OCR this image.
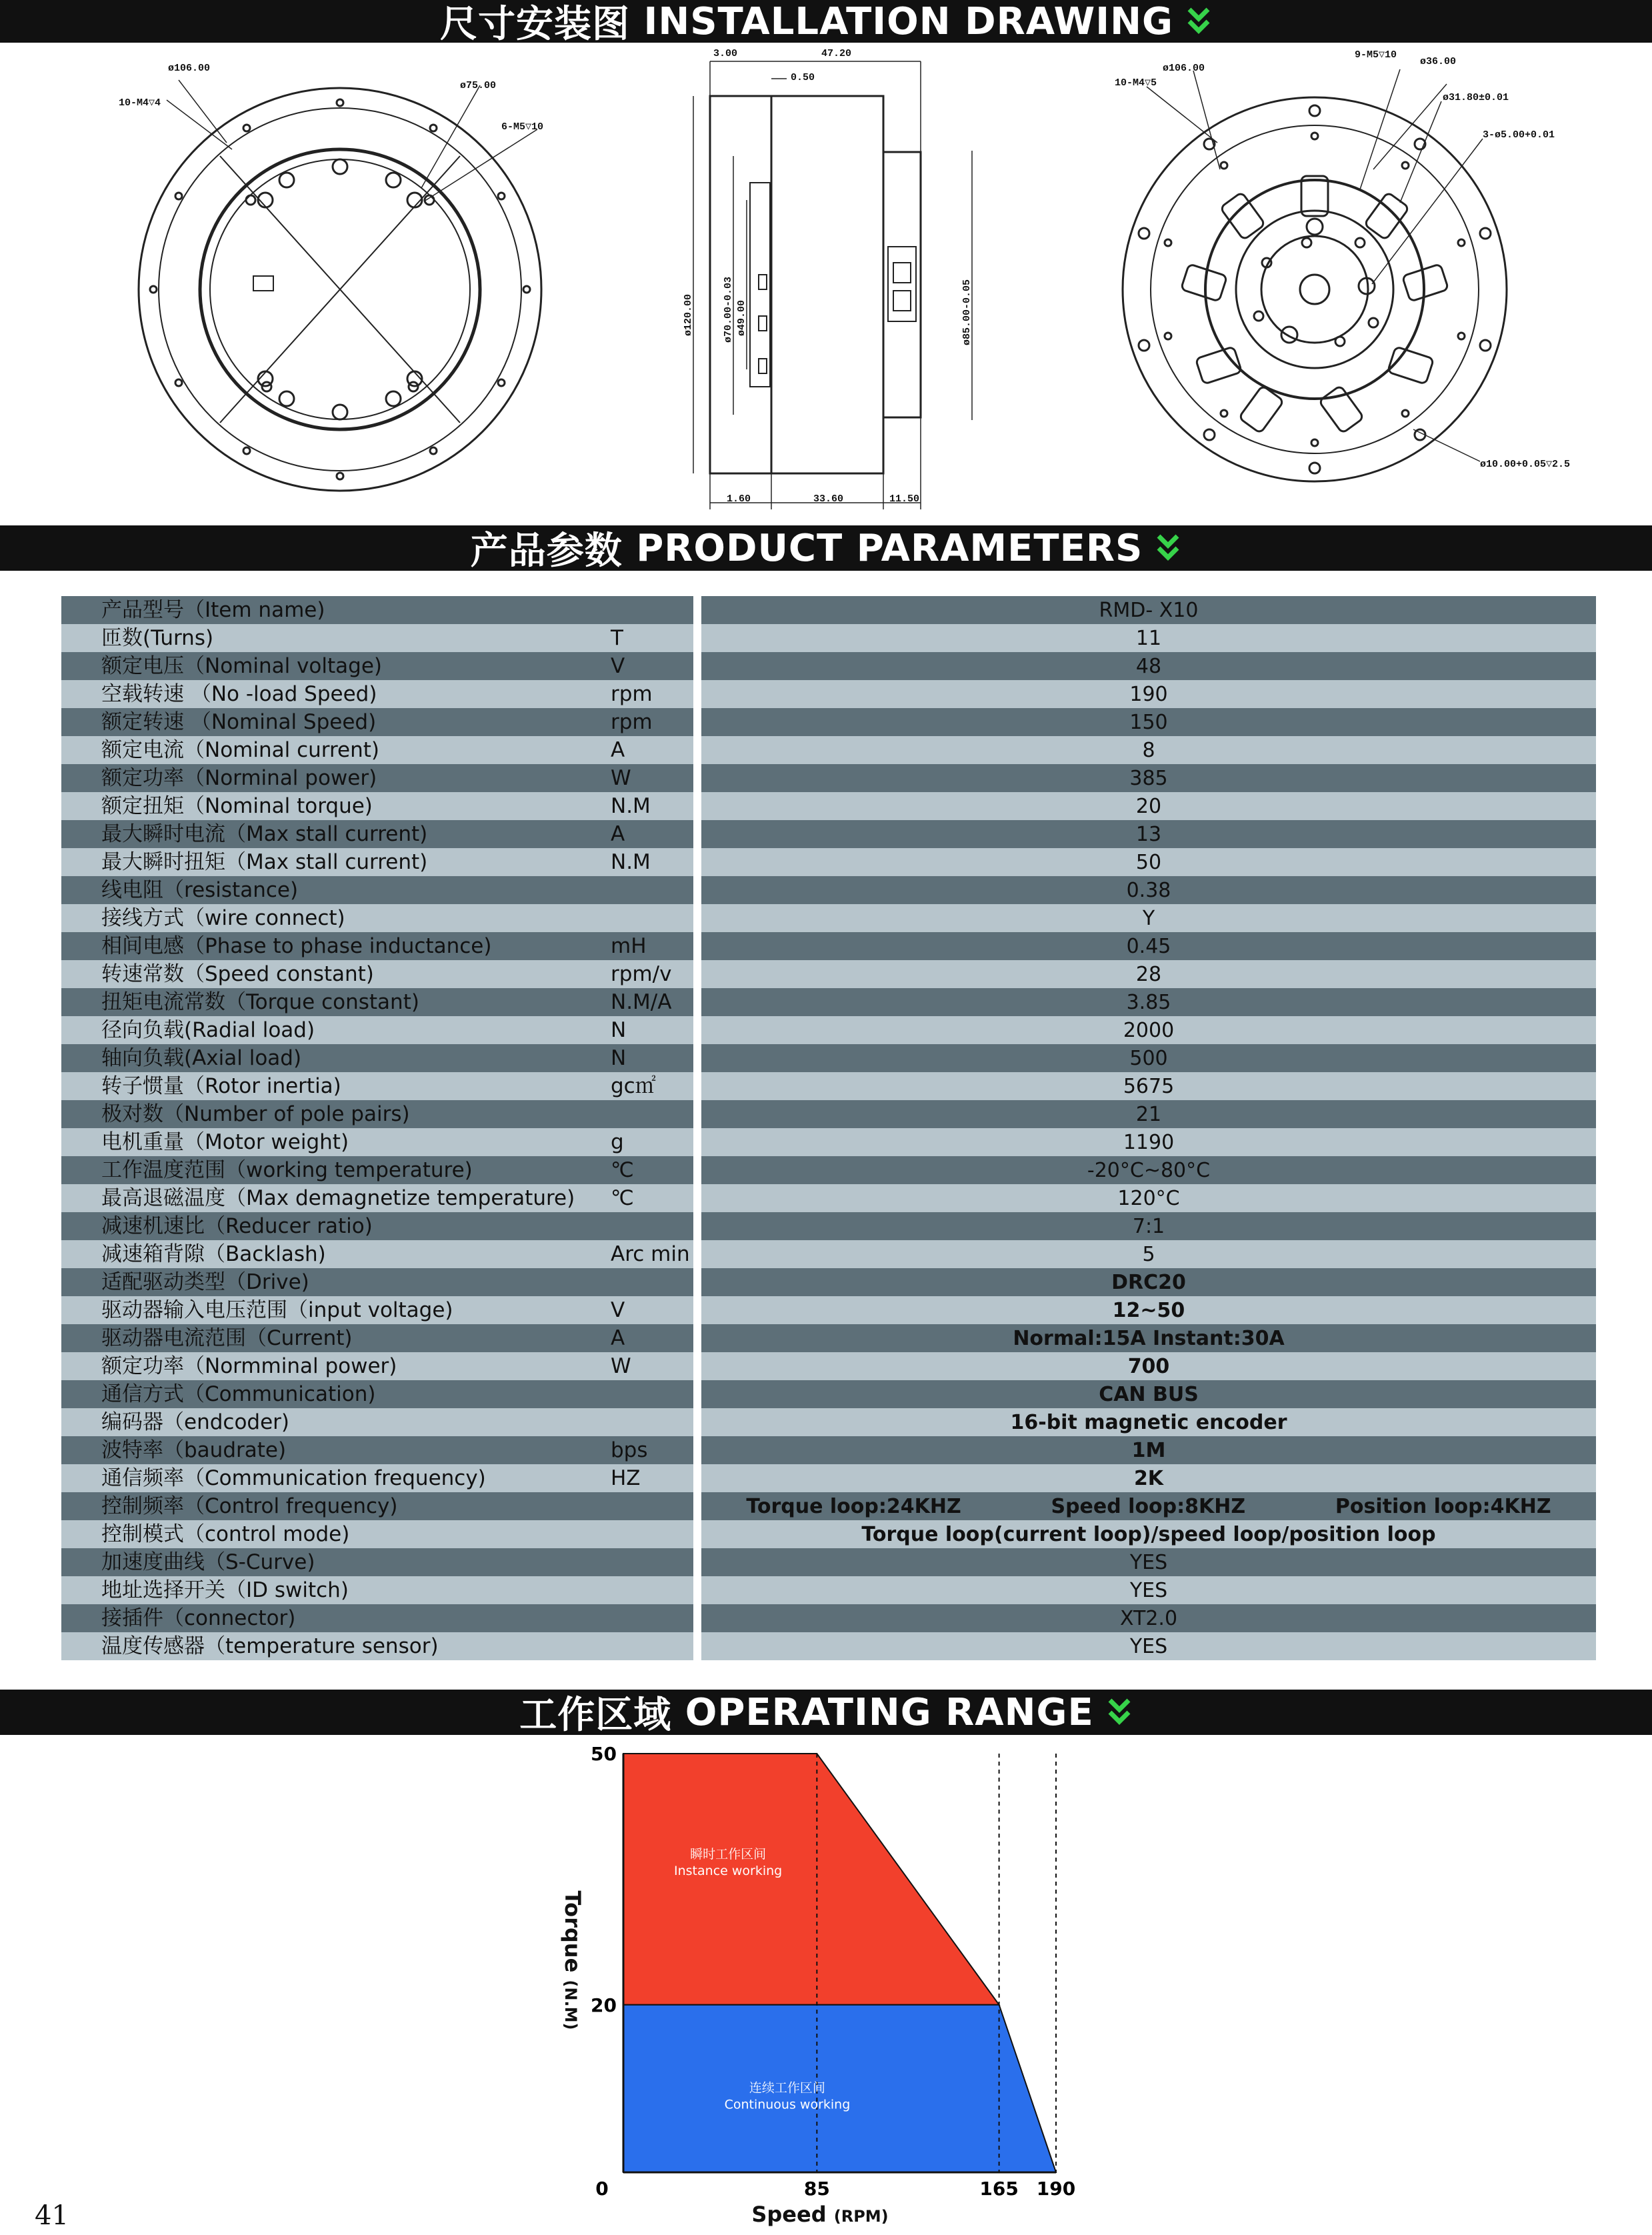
尺寸安装图
INSTALLATION DRAWING
ø106.00
10-M4▽4
ø75.00
6-M5▽10
3.00	47.20
0.50
ø120.00	ø70.00-0.03 ø49.00	ø85.00-0.05
1.60	33.60	11.50
ø106.00
10-M4▽5
9-M5▽10
ø36.00
ø31.80±0.01
3-ø5.00+0.01
ø10.00+0.05▽2.5
产品参数
PRODUCT PARAMETERS
产品型号（Item name)	RMD- X10
匝数(Turns)	T	11
额定电压（Nominal voltage)	V	48
空载转速 （No -load Speed)	rpm	190
额定转速 （Nominal Speed)	rpm	150
额定电流（Nominal current)	A	8
额定功率（Norminal power)	W	385
额定扭矩（Nominal torque)	N.M	20
最大瞬时电流（Max stall current)	A	13
最大瞬时扭矩（Max stall current)	N.M	50
线电阻（resistance)	0.38
接线方式（wire connect)	Y
相间电感（Phase to phase inductance)	mH	0.45
转速常数（Speed constant)	rpm/v	28
扭矩电流常数（Torque constant)	N.M/A	3.85
径向负载(Radial load)	N	2000
轴向负载(Axial load)	N	500
转子惯量（Rotor inertia)	gc㎡	5675
极对数（Number of pole pairs)	21
电机重量（Motor weight)	g	1190
工作温度范围（working temperature)	℃	-20°C~80°C
最高退磁温度（Max demagnetize temperature) ℃	120°C
减速机速比（Reducer ratio)	7:1
减速箱背隙（Backlash)	Arc min	5
适配驱动类型（Drive)	DRC20
驱动器输入电压范围（input voltage)	V	12~50
驱动器电流范围（Current)	A	Normal:15A Instant:30A
额定功率（Normminal power)	W	700
通信方式（Communication)	CAN BUS
编码器（endcoder)	16-bit magnetic encoder
波特率（baudrate)	bps	1M
通信频率（Communication frequency)	HZ	2K
控制频率（Control frequency)	Torque loop:24KHZ	Speed loop:8KHZ	Position loop:4KHZ
控制模式（control mode)	Torque loop(current loop)/speed loop/position loop
加速度曲线（S-Curve)	YES
地址选择开关（ID switch)	YES
接插件（connector)	XT2.0
温度传感器（temperature sensor)	YES
工作区域
OPERATING RANGE
0	85	165 190
20
50
瞬时工作区间
Instance working
连续工作区间
Continuous working
Torque (N.M)
Speed (RPM)
41
